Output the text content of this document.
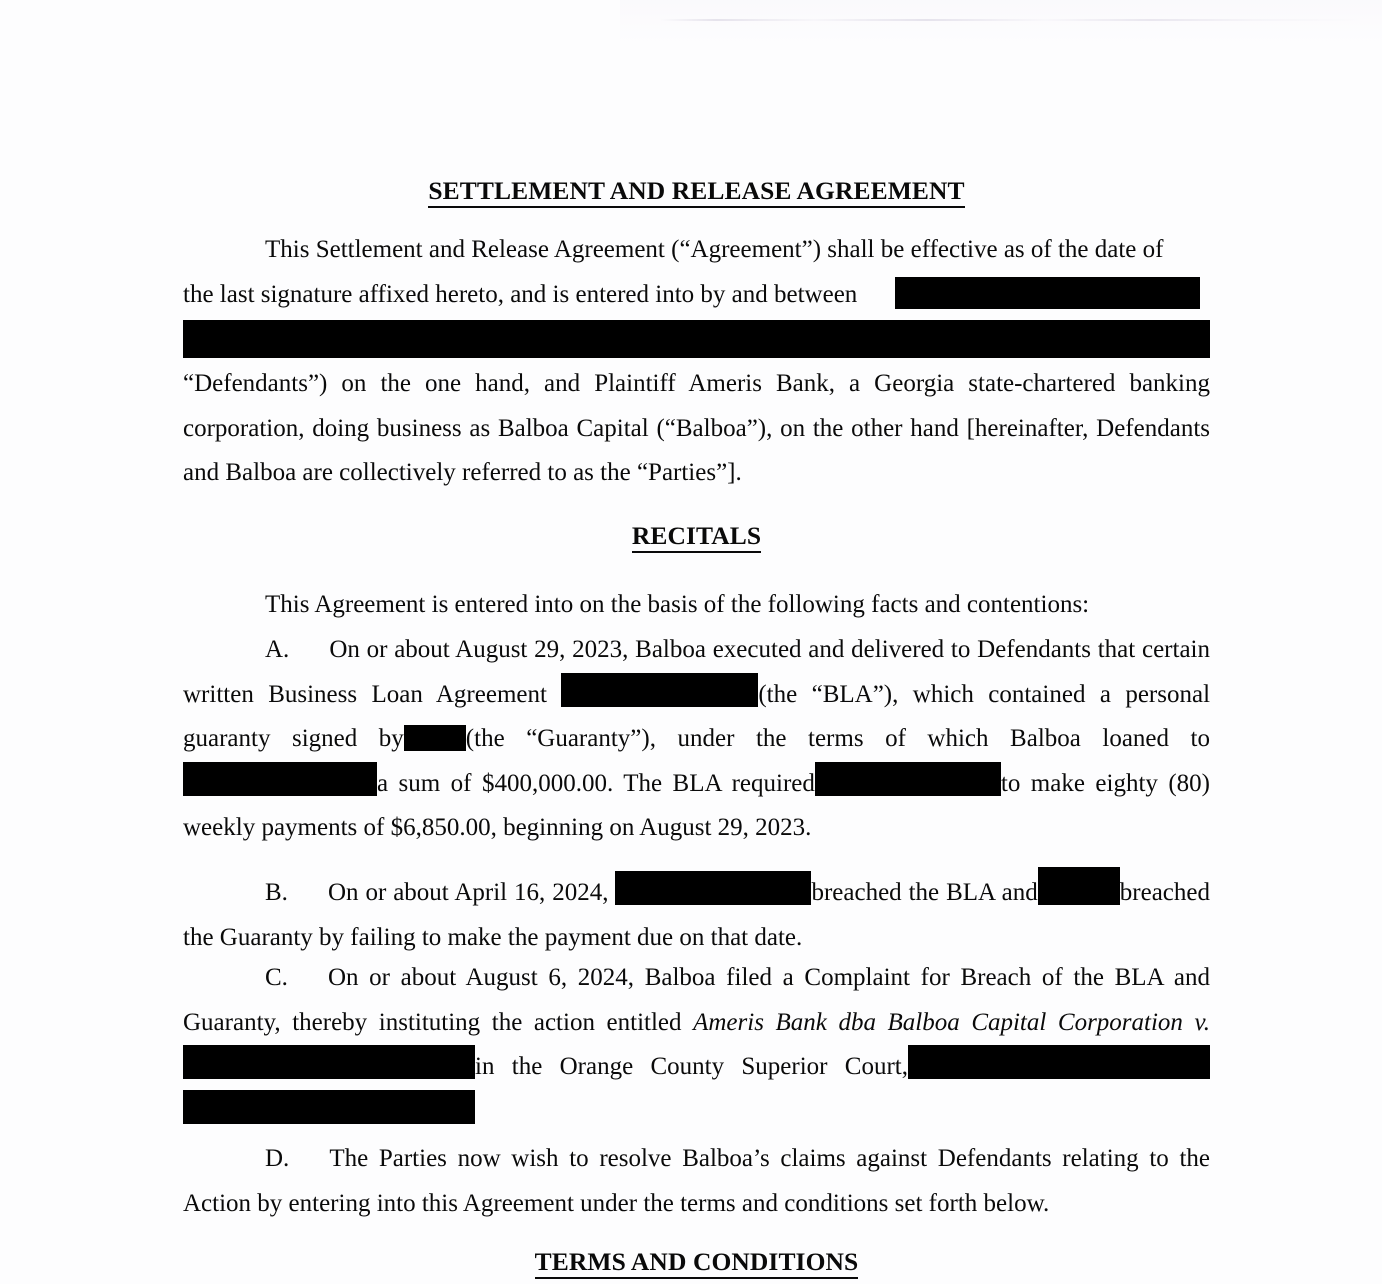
SETTLEMENT AND RELEASE AGREEMENT

This Settlement and Release Agreement (“Agreement”) shall be effective as of the date of
the last signature affixed hereto, and is entered into by and between

“Defendants”) on the one hand, and Plaintiff Ameris Bank, a Georgia state-chartered banking corporation, doing business as Balboa Capital (“Balboa”), on the other hand [hereinafter, Defendants and Balboa are collectively referred to as the “Parties”].

RECITALS

This Agreement is entered into on the basis of the following facts and contentions:

A. On or about August 29, 2023, Balboa executed and delivered to Defendants that certain written Business Loan Agreement	(the “BLA”), which contained a personal guaranty signed by (the “Guaranty”), under the terms of which Balboa loaned to a sum of $400,000.00. The BLA required	to make eighty (80) weekly payments of $6,850.00, beginning on August 29, 2023.

B. On or about April 16, 2024,	breached the BLA and	breached the Guaranty by failing to make the payment due on that date.

C. On or about August 6, 2024, Balboa filed a Complaint for Breach of the BLA and Guaranty, thereby instituting the action entitled Ameris Bank dba Balboa Capital Corporation v. in the Orange County Superior Court,

D. The Parties now wish to resolve Balboa’s claims against Defendants relating to the Action by entering into this Agreement under the terms and conditions set forth below.

TERMS AND CONDITIONS
